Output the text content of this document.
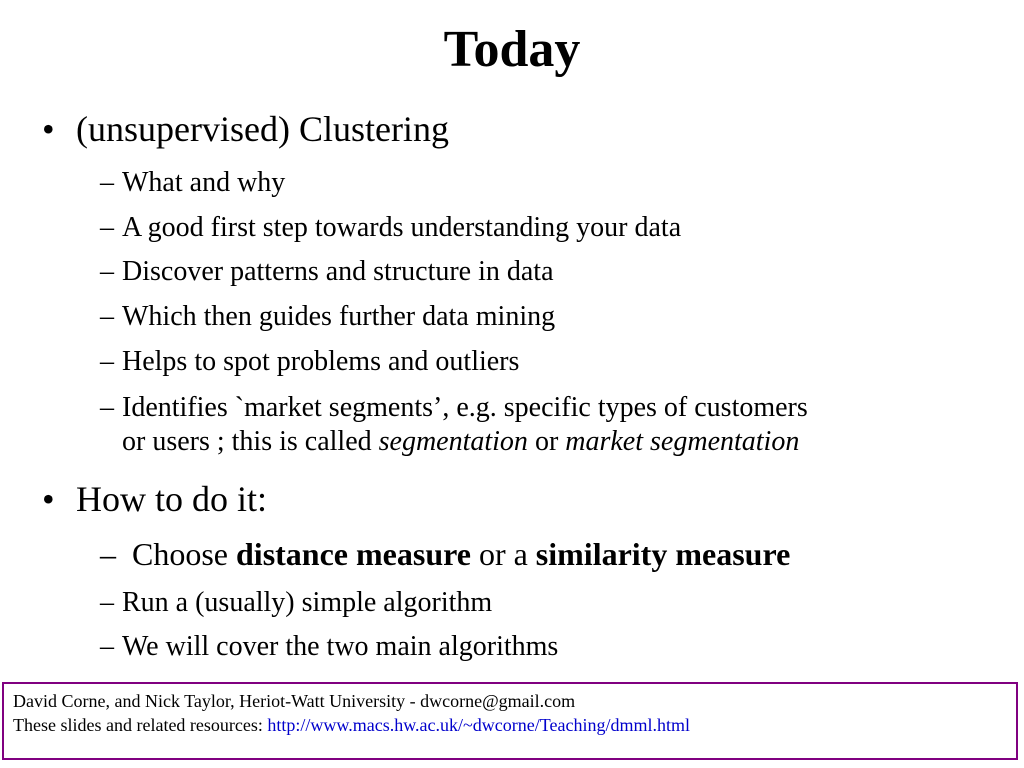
Today
• (unsupervised) Clustering
– What and why
– A good first step towards understanding your data
– Discover patterns and structure in data
– Which then guides further data mining
– Helps to spot problems and outliers
– Identifies `market segments’, e.g. specific types of customers
or users ; this is called segmentation or market segmentation
• How to do it:
– Choose distance measure or a similarity measure
– Run a (usually) simple algorithm
– We will cover the two main algorithms
David Corne, and Nick Taylor, Heriot-Watt University - dwcorne@gmail.com
These slides and related resources: http://www.macs.hw.ac.uk/~dwcorne/Teaching/dmml.html
